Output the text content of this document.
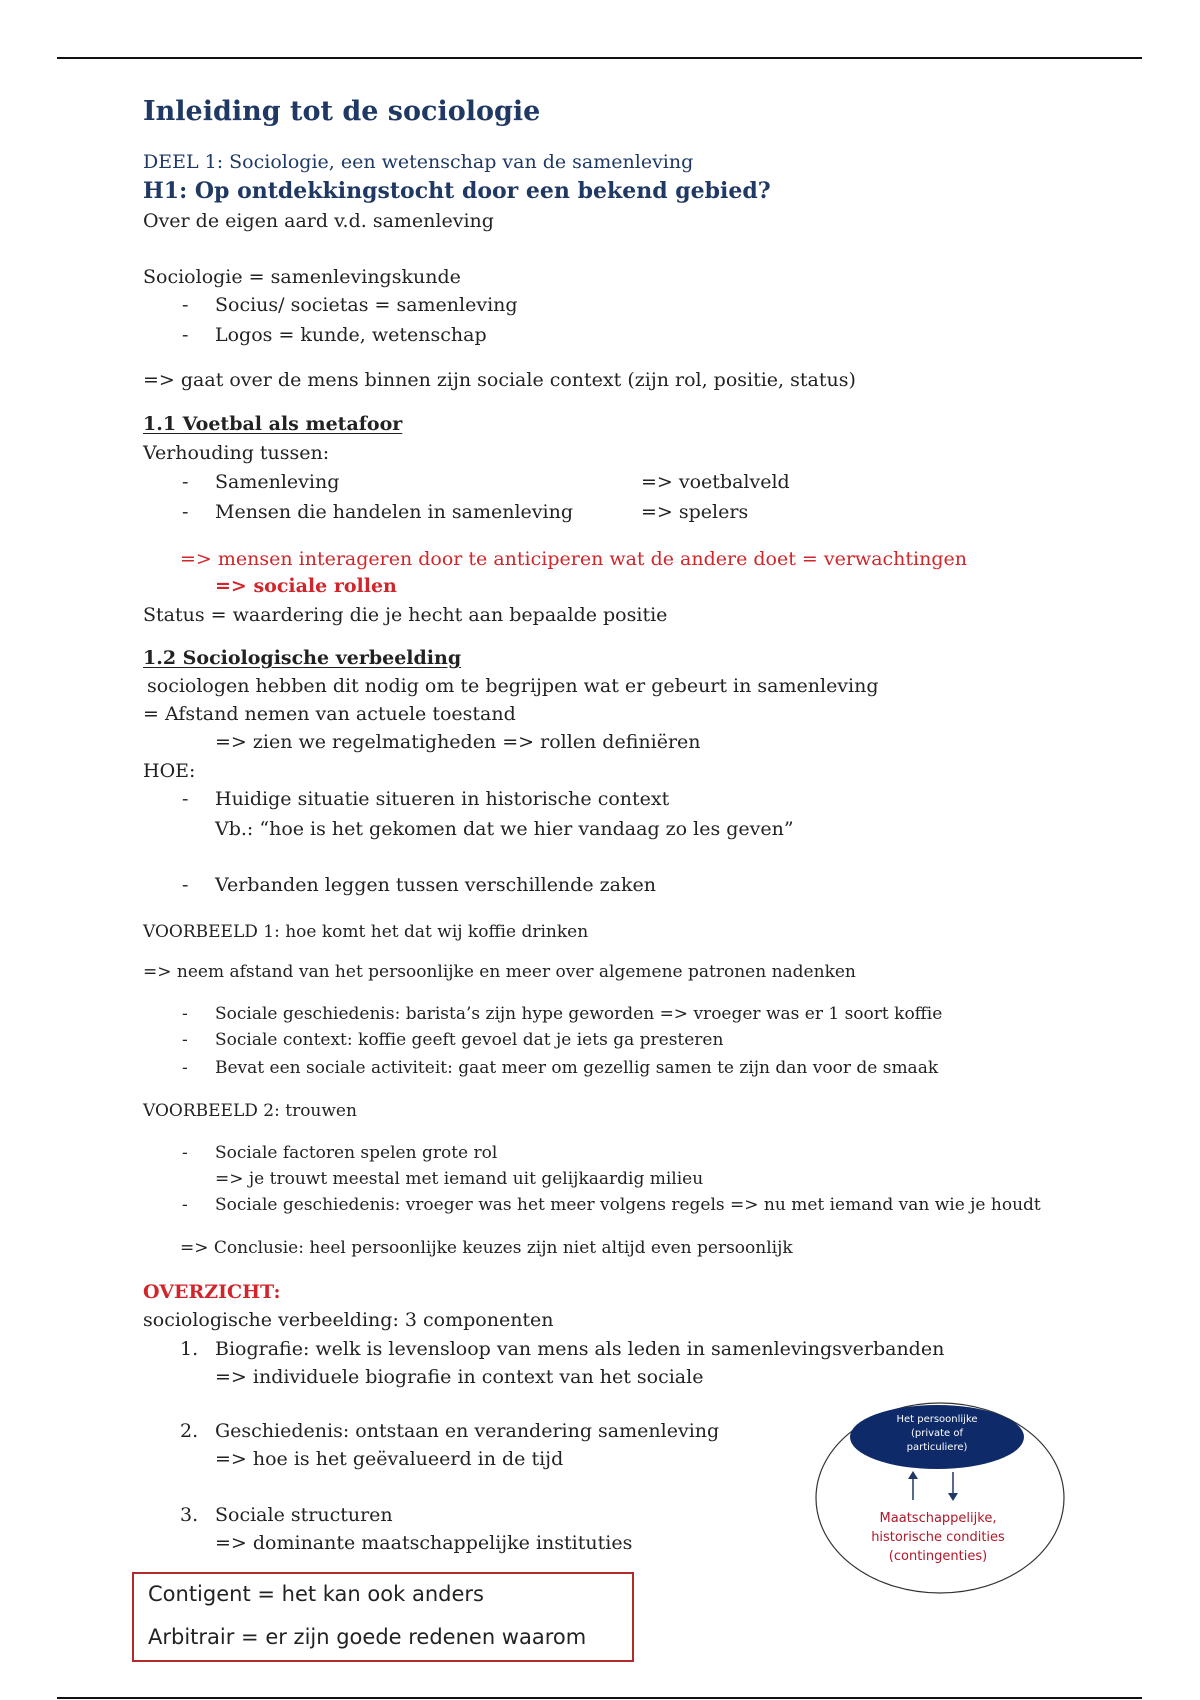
Inleiding tot de sociologie
DEEL 1: Sociologie, een wetenschap van de samenleving
H1: Op ontdekkingstocht door een bekend gebied?
Over de eigen aard v.d. samenleving
Sociologie = samenlevingskunde
- Socius/ societas = samenleving
- Logos = kunde, wetenschap
=> gaat over de mens binnen zijn sociale context (zijn rol, positie, status)
1.1 Voetbal als metafoor
Verhouding tussen:
- Samenleving	=> voetbalveld
- Mensen die handelen in samenleving	=> spelers
=> mensen interageren door te anticiperen wat de andere doet = verwachtingen
=> sociale rollen
Status = waardering die je hecht aan bepaalde positie
1.2 Sociologische verbeelding
sociologen hebben dit nodig om te begrijpen wat er gebeurt in samenleving
= Afstand nemen van actuele toestand
=> zien we regelmatigheden => rollen definiëren
HOE:
- Huidige situatie situeren in historische context
Vb.: “hoe is het gekomen dat we hier vandaag zo les geven”
- Verbanden leggen tussen verschillende zaken
VOORBEELD 1: hoe komt het dat wij koffie drinken
=> neem afstand van het persoonlijke en meer over algemene patronen nadenken
- Sociale geschiedenis: barista’s zijn hype geworden => vroeger was er 1 soort koffie
- Sociale context: koffie geeft gevoel dat je iets ga presteren
- Bevat een sociale activiteit: gaat meer om gezellig samen te zijn dan voor de smaak
VOORBEELD 2: trouwen
- Sociale factoren spelen grote rol
=> je trouwt meestal met iemand uit gelijkaardig milieu
- Sociale geschiedenis: vroeger was het meer volgens regels => nu met iemand van wie je houdt
=> Conclusie: heel persoonlijke keuzes zijn niet altijd even persoonlijk
OVERZICHT:
sociologische verbeelding: 3 componenten
1. Biografie: welk is levensloop van mens als leden in samenlevingsverbanden
=> individuele biografie in context van het sociale
2. Geschiedenis: ontstaan en verandering samenleving
=> hoe is het geëvalueerd in de tijd
3. Sociale structuren
=> dominante maatschappelijke instituties
Het persoonlijke
(private of
particuliere)
Maatschappelijke,
historische condities
(contingenties)
Contigent = het kan ook anders
Arbitrair = er zijn goede redenen waarom
